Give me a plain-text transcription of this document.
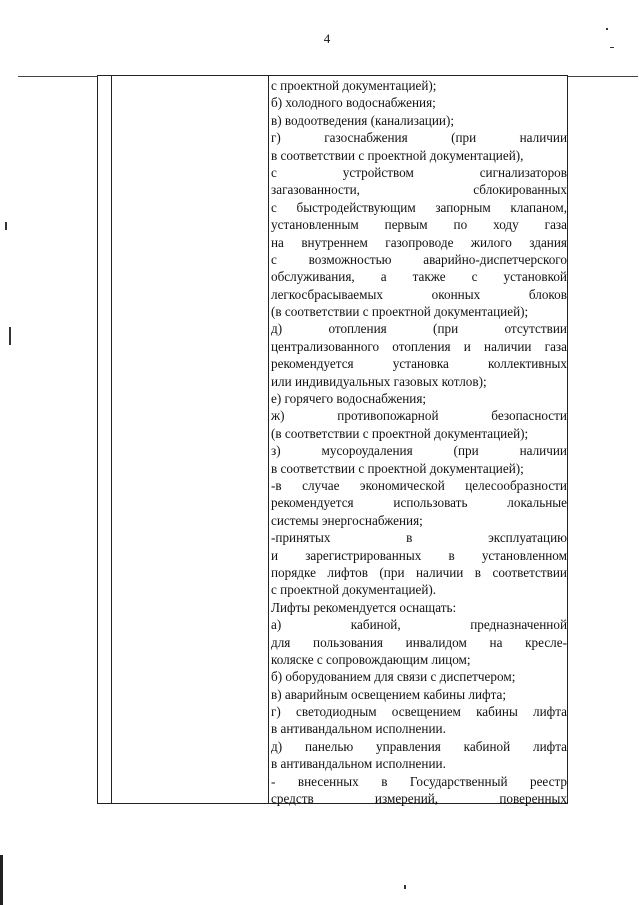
4
с проектной документацией);
б) холодного водоснабжения;
в) водоотведения (канализации);
г) газоснабжения (при наличии
в соответствии с проектной документацией),
с устройством сигнализаторов
загазованности, сблокированных
с быстродействующим запорным клапаном,
установленным первым по ходу газа
на внутреннем газопроводе жилого здания
с возможностью аварийно-диспетчерского
обслуживания, а также с установкой
легкосбрасываемых оконных блоков
(в соответствии с проектной документацией);
д) отопления (при отсутствии
централизованного отопления и наличии газа
рекомендуется установка коллективных
или индивидуальных газовых котлов);
е) горячего водоснабжения;
ж) противопожарной безопасности
(в соответствии с проектной документацией);
з) мусороудаления (при наличии
в соответствии с проектной документацией);
-в случае экономической целесообразности
рекомендуется использовать локальные
системы энергоснабжения;
-принятых в эксплуатацию
и зарегистрированных в установленном
порядке лифтов (при наличии в соответствии
с проектной документацией).
Лифты рекомендуется оснащать:
а) кабиной, предназначенной
для пользования инвалидом на кресле-
коляске с сопровождающим лицом;
б) оборудованием для связи с диспетчером;
в) аварийным освещением кабины лифта;
г) светодиодным освещением кабины лифта
в антивандальном исполнении.
д) панелью управления кабиной лифта
в антивандальном исполнении.
- внесенных в Государственный реестр
средств измерений, поверенных
